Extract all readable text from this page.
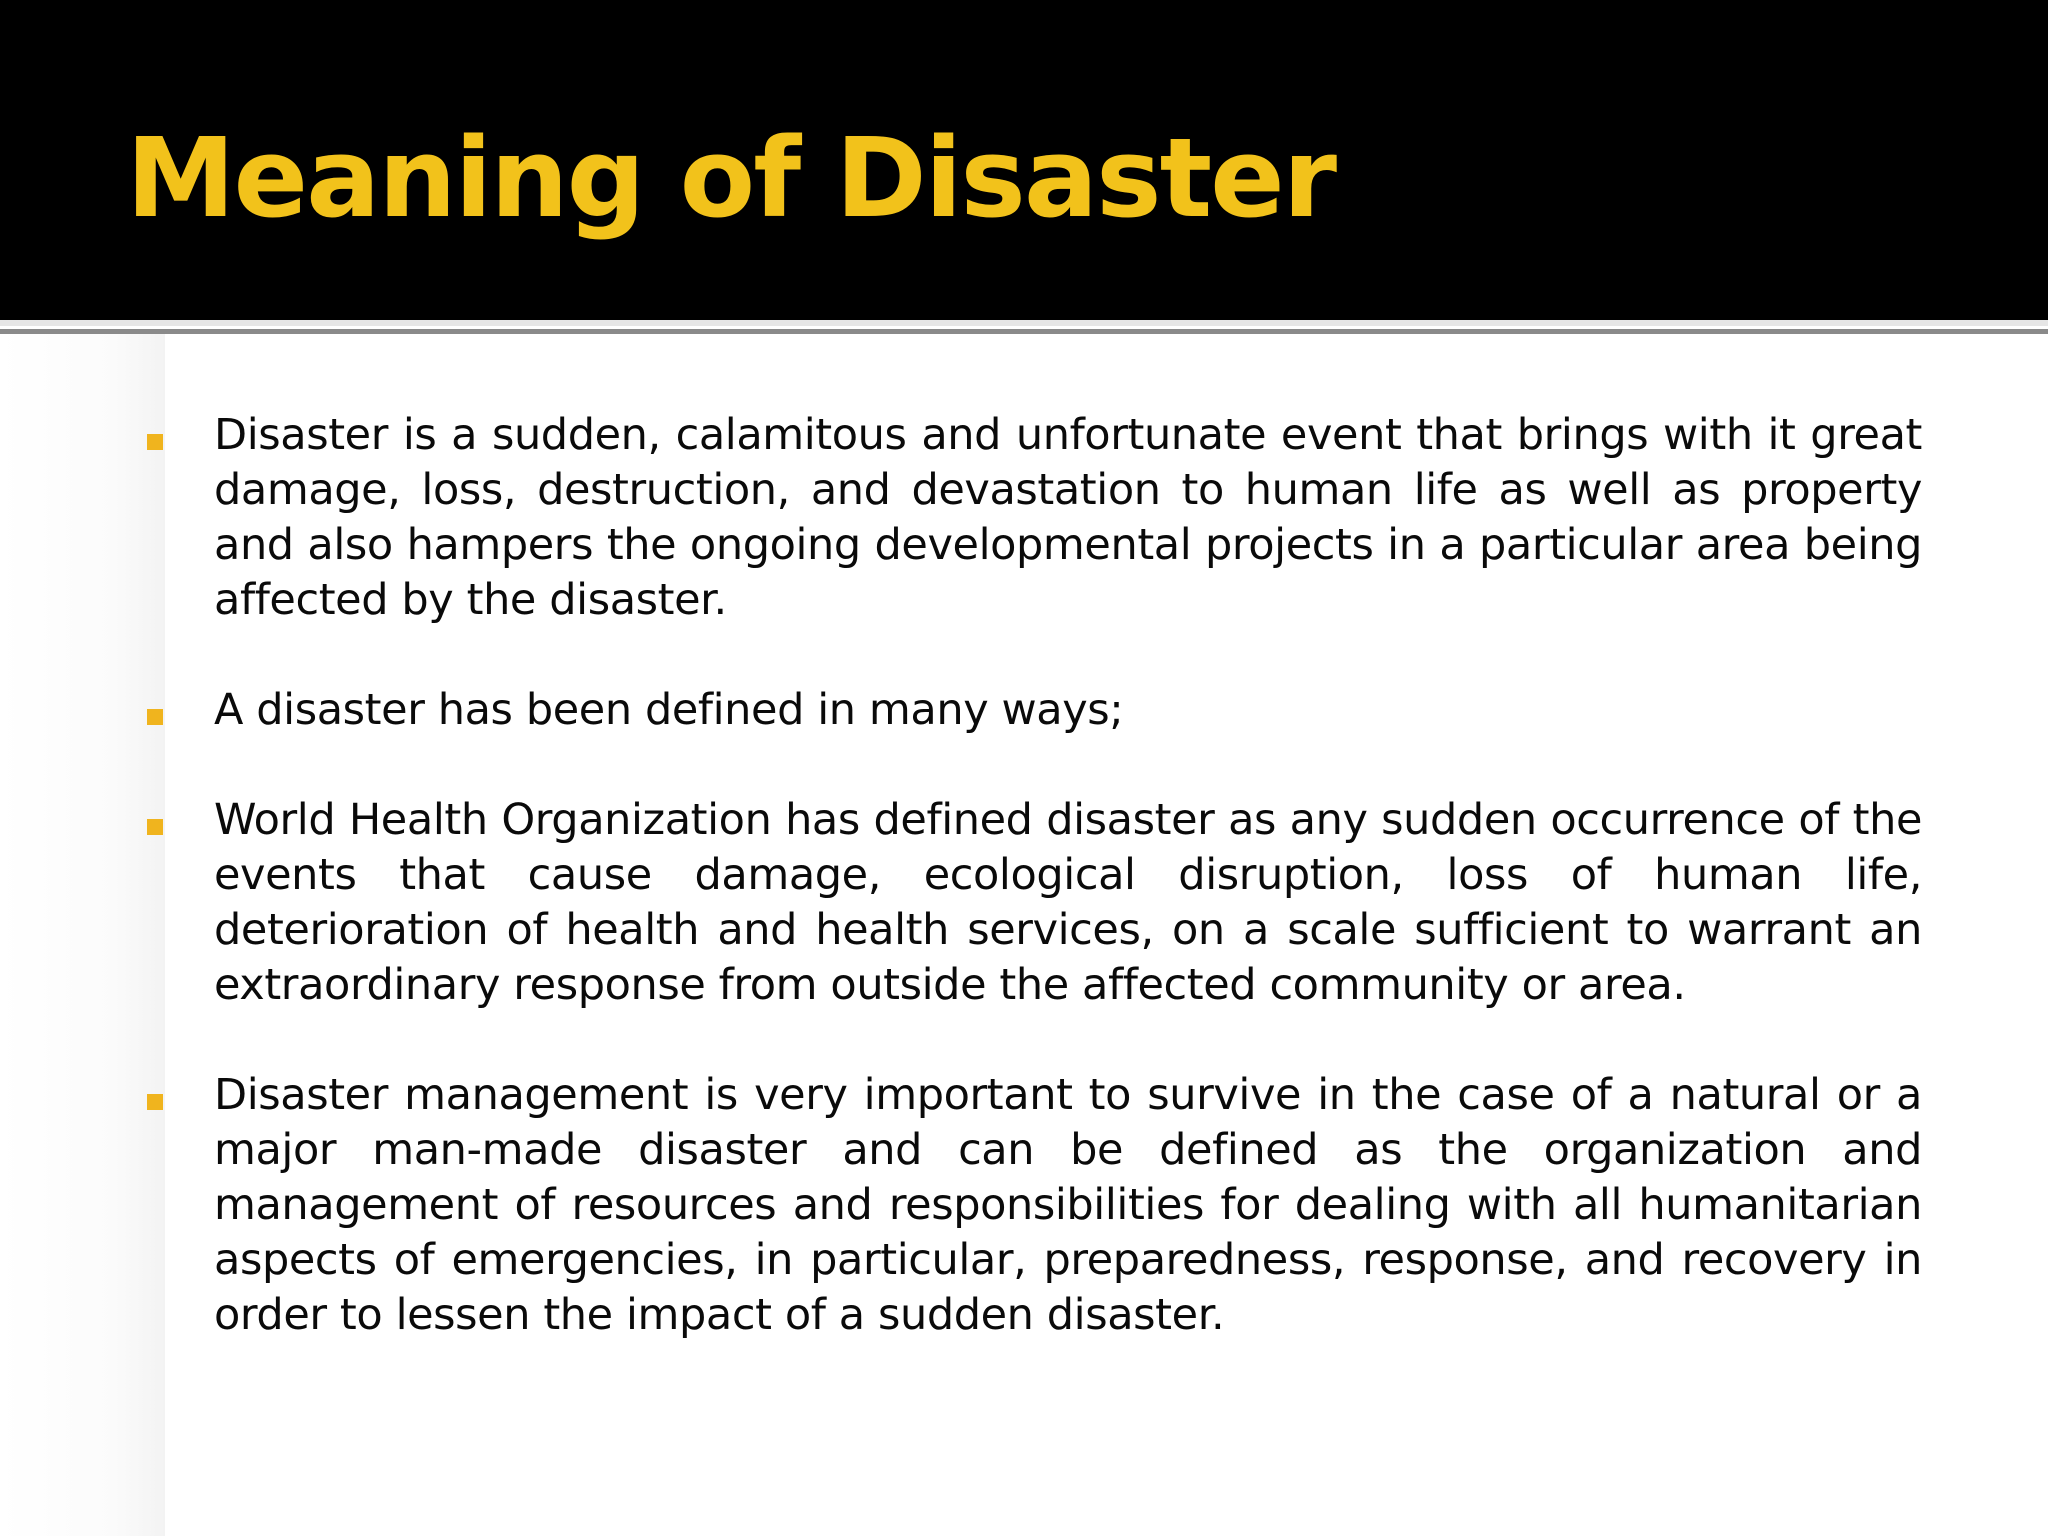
Meaning of Disaster

Disaster is a sudden, calamitous and unfortunate event that brings with it great damage, loss, destruction, and devastation to human life as well as property and also hampers the ongoing developmental projects in a particular area being affected by the disaster.

A disaster has been defined in many ways;

World Health Organization has defined disaster as any sudden occurrence of the events that cause damage, ecological disruption, loss of human life, deterioration of health and health services, on a scale sufficient to warrant an extraordinary response from outside the affected community or area.

Disaster management is very important to survive in the case of a natural or a major man-made disaster and can be defined as the organization and management of resources and responsibilities for dealing with all humanitarian aspects of emergencies, in particular, preparedness, response, and recovery in order to lessen the impact of a sudden disaster.
